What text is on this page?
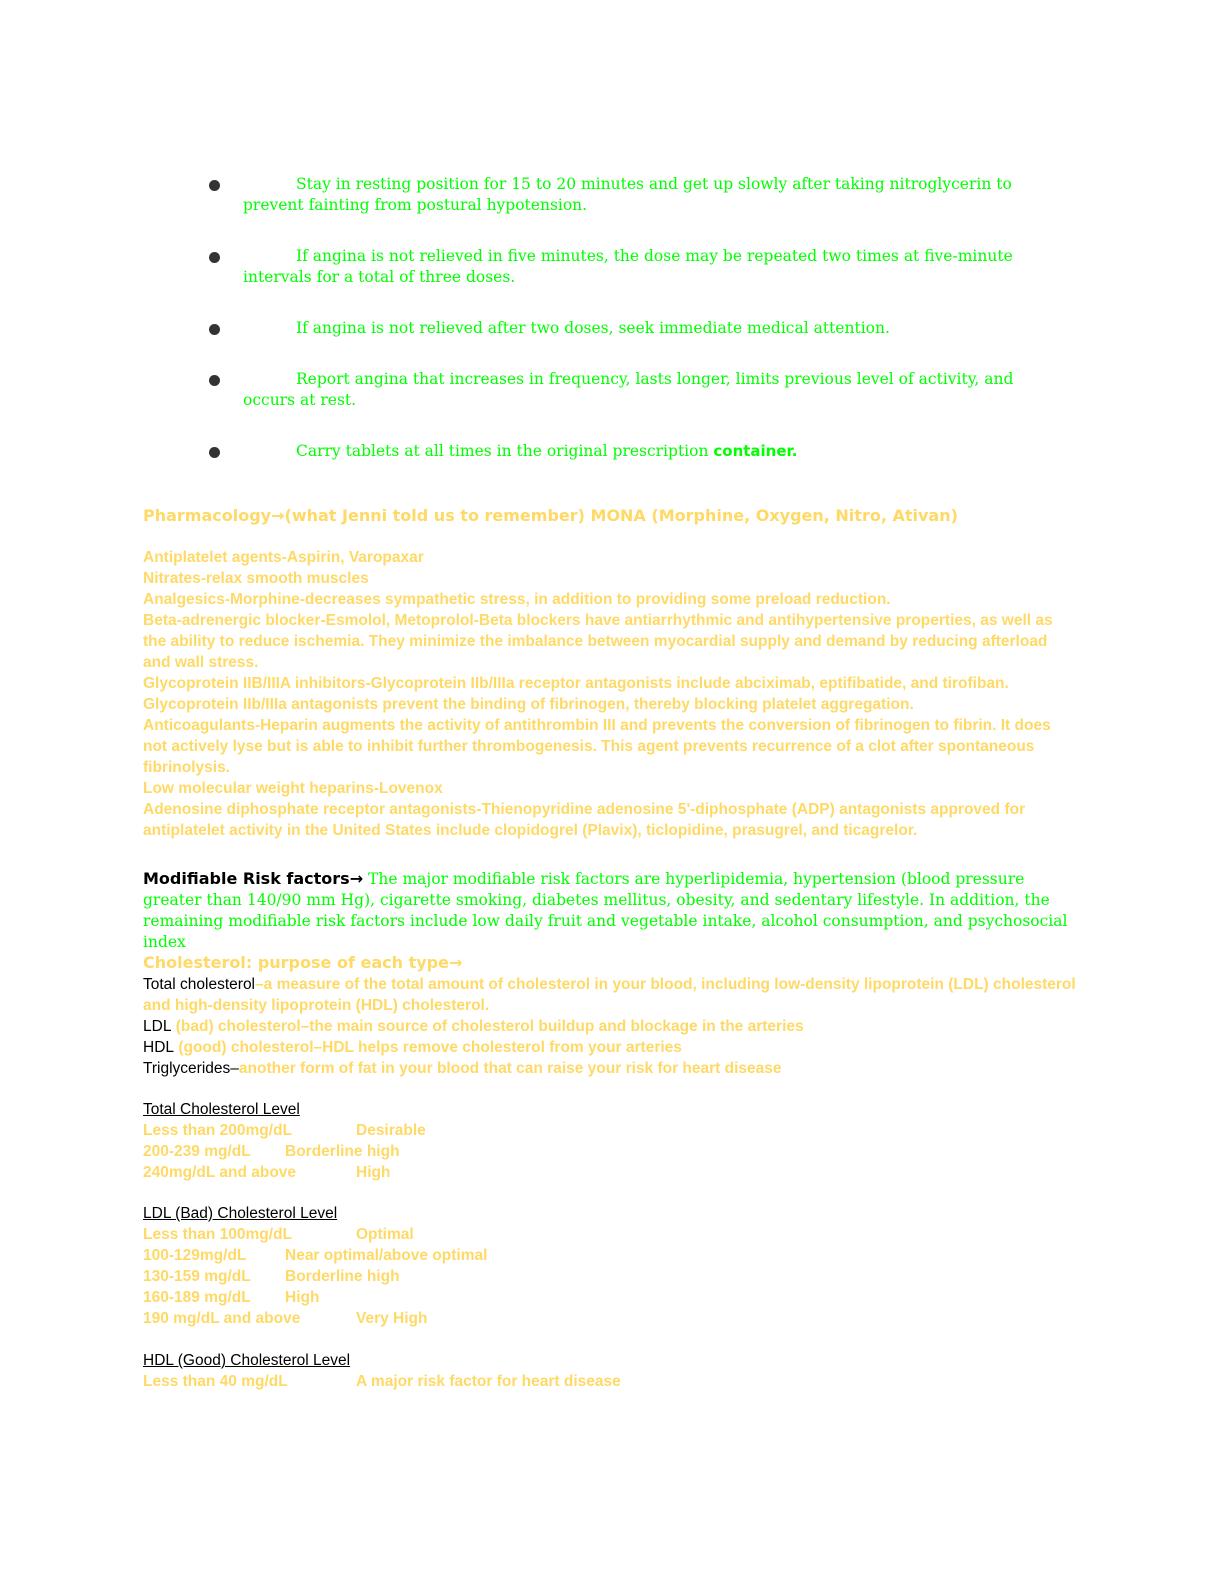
Stay in resting position for 15 to 20 minutes and get up slowly after taking nitroglycerin to prevent fainting from postural hypotension.
If angina is not relieved in five minutes, the dose may be repeated two times at five-minute intervals for a total of three doses.
If angina is not relieved after two doses, seek immediate medical attention.
Report angina that increases in frequency, lasts longer, limits previous level of activity, and occurs at rest.
Carry tablets at all times in the original prescription container.
Pharmacology→(what Jenni told us to remember) MONA (Morphine, Oxygen, Nitro, Ativan)

Antiplatelet agents-Aspirin, Varopaxar

Nitrates-relax smooth muscles

Analgesics-Morphine-decreases sympathetic stress, in addition to providing some preload reduction.

Beta-adrenergic blocker-Esmolol, Metoprolol-Beta blockers have antiarrhythmic and antihypertensive properties, as well as the ability to reduce ischemia. They minimize the imbalance between myocardial supply and demand by reducing afterload and wall stress.

Glycoprotein IIB/IIIA inhibitors-Glycoprotein IIb/IIIa receptor antagonists include abciximab, eptifibatide, and tirofiban. Glycoprotein IIb/IIIa antagonists prevent the binding of fibrinogen, thereby blocking platelet aggregation.

Anticoagulants-Heparin augments the activity of antithrombin III and prevents the conversion of fibrinogen to fibrin. It does not actively lyse but is able to inhibit further thrombogenesis. This agent prevents recurrence of a clot after spontaneous fibrinolysis.

Low molecular weight heparins-Lovenox

Adenosine diphosphate receptor antagonists-Thienopyridine adenosine 5'-diphosphate (ADP) antagonists approved for antiplatelet activity in the United States include clopidogrel (Plavix), ticlopidine, prasugrel, and ticagrelor.

Modifiable Risk factors→ The major modifiable risk factors are hyperlipidemia, hypertension (blood pressure greater than 140/90 mm Hg), cigarette smoking, diabetes mellitus, obesity, and sedentary lifestyle. In addition, the remaining modifiable risk factors include low daily fruit and vegetable intake, alcohol consumption, and psychosocial index
Cholesterol: purpose of each type→

Total cholesterol–a measure of the total amount of cholesterol in your blood, including low-density lipoprotein (LDL) cholesterol and high-density lipoprotein (HDL) cholesterol.

LDL (bad) cholesterol–the main source of cholesterol buildup and blockage in the arteries

HDL (good) cholesterol–HDL helps remove cholesterol from your arteries

Triglycerides–another form of fat in your blood that can raise your risk for heart disease

Total Cholesterol Level
Less than 200mg/dL	Desirable
200-239 mg/dL	Borderline high
240mg/dL and above	High
LDL (Bad) Cholesterol Level
Less than 100mg/dL	Optimal
100-129mg/dL	Near optimal/above optimal
130-159 mg/dL	Borderline high
160-189 mg/dL	High
190 mg/dL and above	Very High
HDL (Good) Cholesterol Level
Less than 40 mg/dL	A major risk factor for heart disease
